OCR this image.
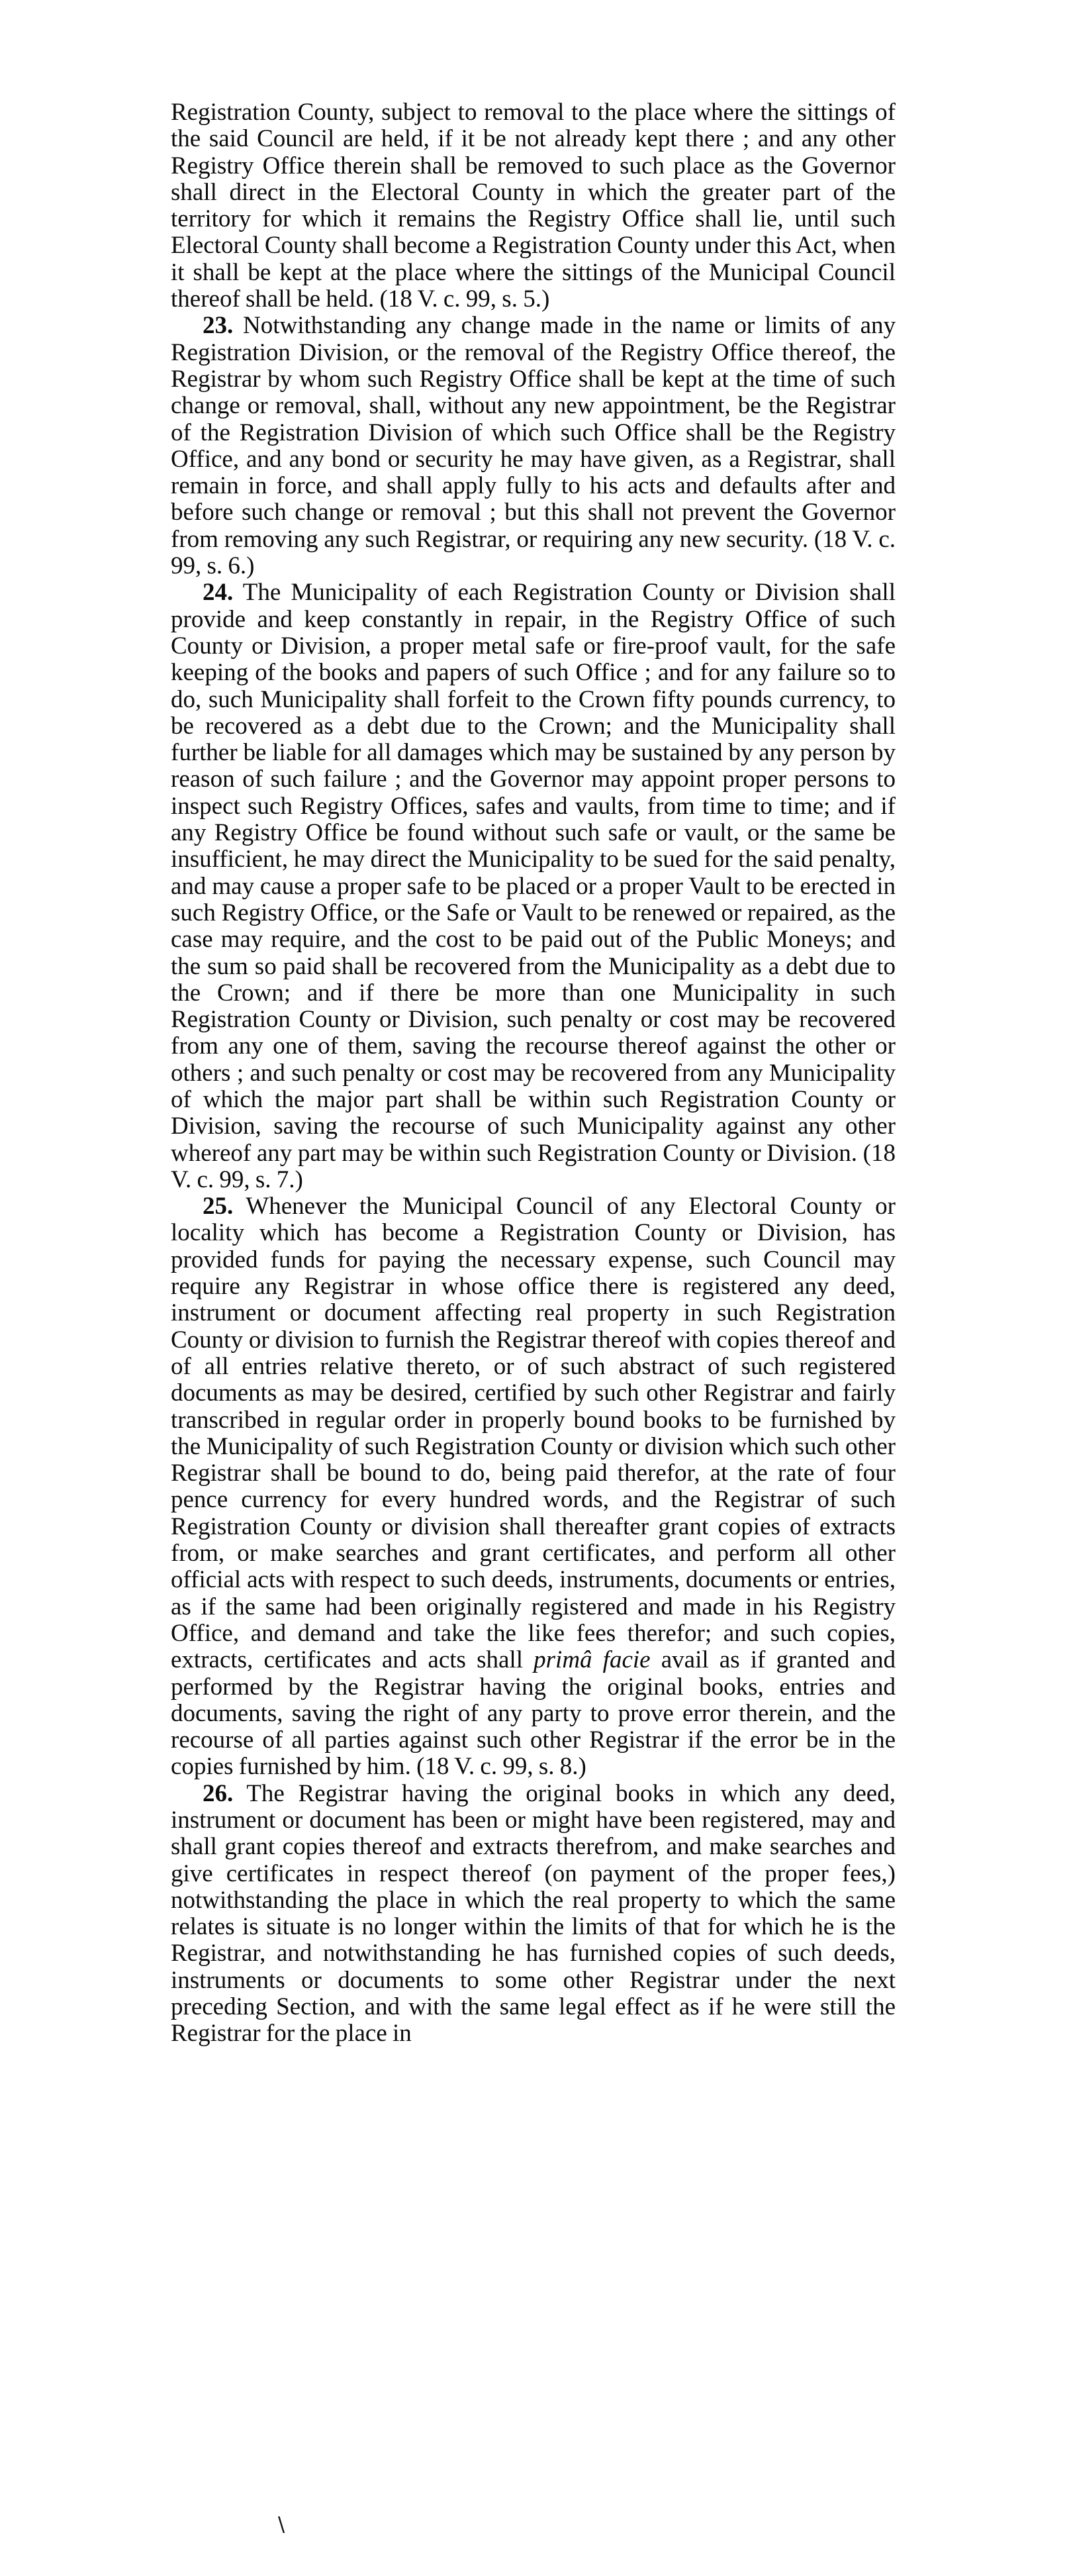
Registration County, subject to removal to the place where the sittings of the said Council are held, if it be not already kept there ; and any other Registry Office therein shall be removed to such place as the Governor shall direct in the Electoral County in which the greater part of the territory for which it remains the Registry Office shall lie, until such Electoral County shall become a Registration County under this Act, when it shall be kept at the place where the sittings of the Municipal Council thereof shall be held. (18 V. c. 99, s. 5.)

23. Notwithstanding any change made in the name or limits of any Registration Division, or the removal of the Registry Office thereof, the Registrar by whom such Registry Office shall be kept at the time of such change or removal, shall, without any new appointment, be the Registrar of the Registration Division of which such Office shall be the Registry Office, and any bond or security he may have given, as a Registrar, shall remain in force, and shall apply fully to his acts and defaults after and before such change or removal ; but this shall not prevent the Governor from removing any such Registrar, or requiring any new security. (18 V. c. 99, s. 6.)

24. The Municipality of each Registration County or Division shall provide and keep constantly in repair, in the Registry Office of such County or Division, a proper metal safe or fire-proof vault, for the safe keeping of the books and papers of such Office ; and for any failure so to do, such Municipality shall forfeit to the Crown fifty pounds currency, to be recovered as a debt due to the Crown; and the Municipality shall further be liable for all damages which may be sustained by any person by reason of such failure ; and the Governor may appoint proper persons to inspect such Registry Offices, safes and vaults, from time to time; and if any Registry Office be found without such safe or vault, or the same be insufficient, he may direct the Municipality to be sued for the said penalty, and may cause a proper safe to be placed or a proper Vault to be erected in such Registry Office, or the Safe or Vault to be renewed or repaired, as the case may require, and the cost to be paid out of the Public Moneys; and the sum so paid shall be recovered from the Municipality as a debt due to the Crown; and if there be more than one Municipality in such Registration County or Division, such penalty or cost may be recovered from any one of them, saving the recourse thereof against the other or others ; and such penalty or cost may be recovered from any Municipality of which the major part shall be within such Registration County or Division, saving the recourse of such Municipality against any other whereof any part may be within such Registration County or Division. (18 V. c. 99, s. 7.)

25. Whenever the Municipal Council of any Electoral County or locality which has become a Registration County or Division, has provided funds for paying the necessary expense, such Council may require any Registrar in whose office there is registered any deed, instrument or document affecting real property in such Registration County or division to furnish the Registrar thereof with copies thereof and of all entries relative thereto, or of such abstract of such registered documents as may be desired, certified by such other Registrar and fairly transcribed in regular order in properly bound books to be furnished by the Municipality of such Registration County or division which such other Registrar shall be bound to do, being paid therefor, at the rate of four pence currency for every hundred words, and the Registrar of such Registration County or division shall thereafter grant copies of extracts from, or make searches and grant certificates, and perform all other official acts with respect to such deeds, instruments, documents or entries, as if the same had been originally registered and made in his Registry Office, and demand and take the like fees therefor; and such copies, extracts, certificates and acts shall primâ facie avail as if granted and performed by the Registrar having the original books, entries and documents, saving the right of any party to prove error therein, and the recourse of all parties against such other Registrar if the error be in the copies furnished by him. (18 V. c. 99, s. 8.)

26. The Registrar having the original books in which any deed, instrument or document has been or might have been registered, may and shall grant copies thereof and extracts therefrom, and make searches and give certificates in respect thereof (on payment of the proper fees,) notwithstanding the place in which the real property to which the same relates is situate is no longer within the limits of that for which he is the Registrar, and notwithstanding he has furnished copies of such deeds, instruments or documents to some other Registrar under the next preceding Section, and with the same legal effect as if he were still the Registrar for the place in

\
